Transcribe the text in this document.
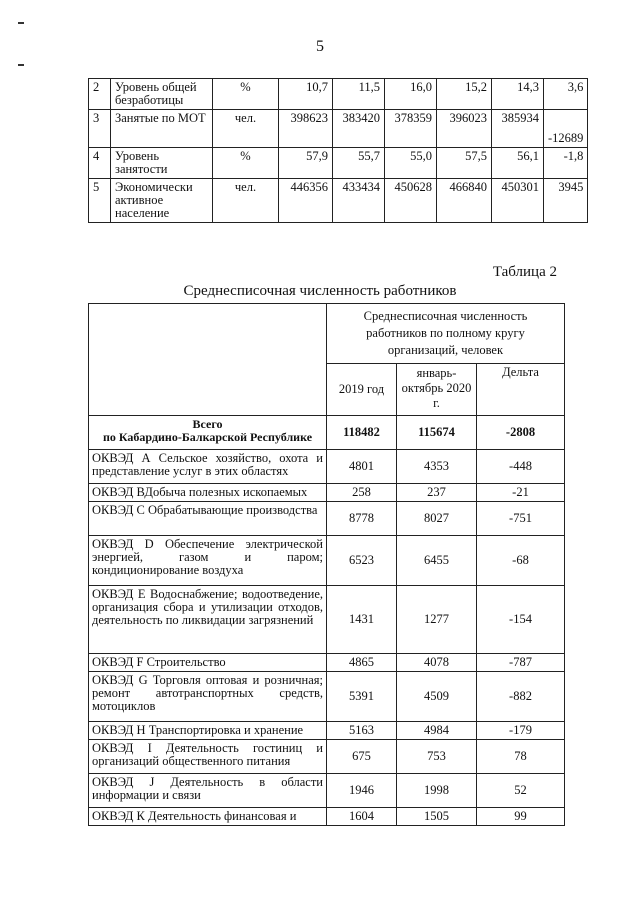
5
2	Уровень общей безработицы	%	10,7	11,5	16,0	15,2	14,3	3,6
3	Занятые по МОТ	чел.	398623	383420	378359	396023	385934	-12689
4	Уровень занятости	%	57,9	55,7	55,0	57,5	56,1	-1,8
5	Экономически активное население	чел.	446356	433434	450628	466840	450301	3945
Таблица 2
Среднесписочная численность работников
	Среднесписочная численность работников по полному кругу организаций, человек		
	2019 год	январь-октябрь 2020 г.	Дельта

Всего
по Кабардино-Балкарской Республике	118482	115674	-2808
ОКВЭД А Сельское хозяйство, охота и представление услуг в этих областях	4801	4353	-448
ОКВЭД ВДобыча полезных ископаемых	258	237	-21
ОКВЭД С Обрабатывающие производства	8778	8027	-751
ОКВЭД D Обеспечение электрической энергией, газом и паром; кондиционирование воздуха	6523	6455	-68
ОКВЭД Е Водоснабжение; водоотведение, организация сбора и утилизации отходов, деятельность по ликвидации загрязнений	1431	1277	-154
ОКВЭД F Строительство	4865	4078	-787
ОКВЭД G Торговля оптовая и розничная; ремонт автотранспортных средств, мотоциклов	5391	4509	-882
ОКВЭД Н Транспортировка и хранение	5163	4984	-179
ОКВЭД I Деятельность гостиниц и организаций общественного питания	675	753	78
ОКВЭД J Деятельность в области информации и связи	1946	1998	52
ОКВЭД К Деятельность финансовая и	1604	1505	99
